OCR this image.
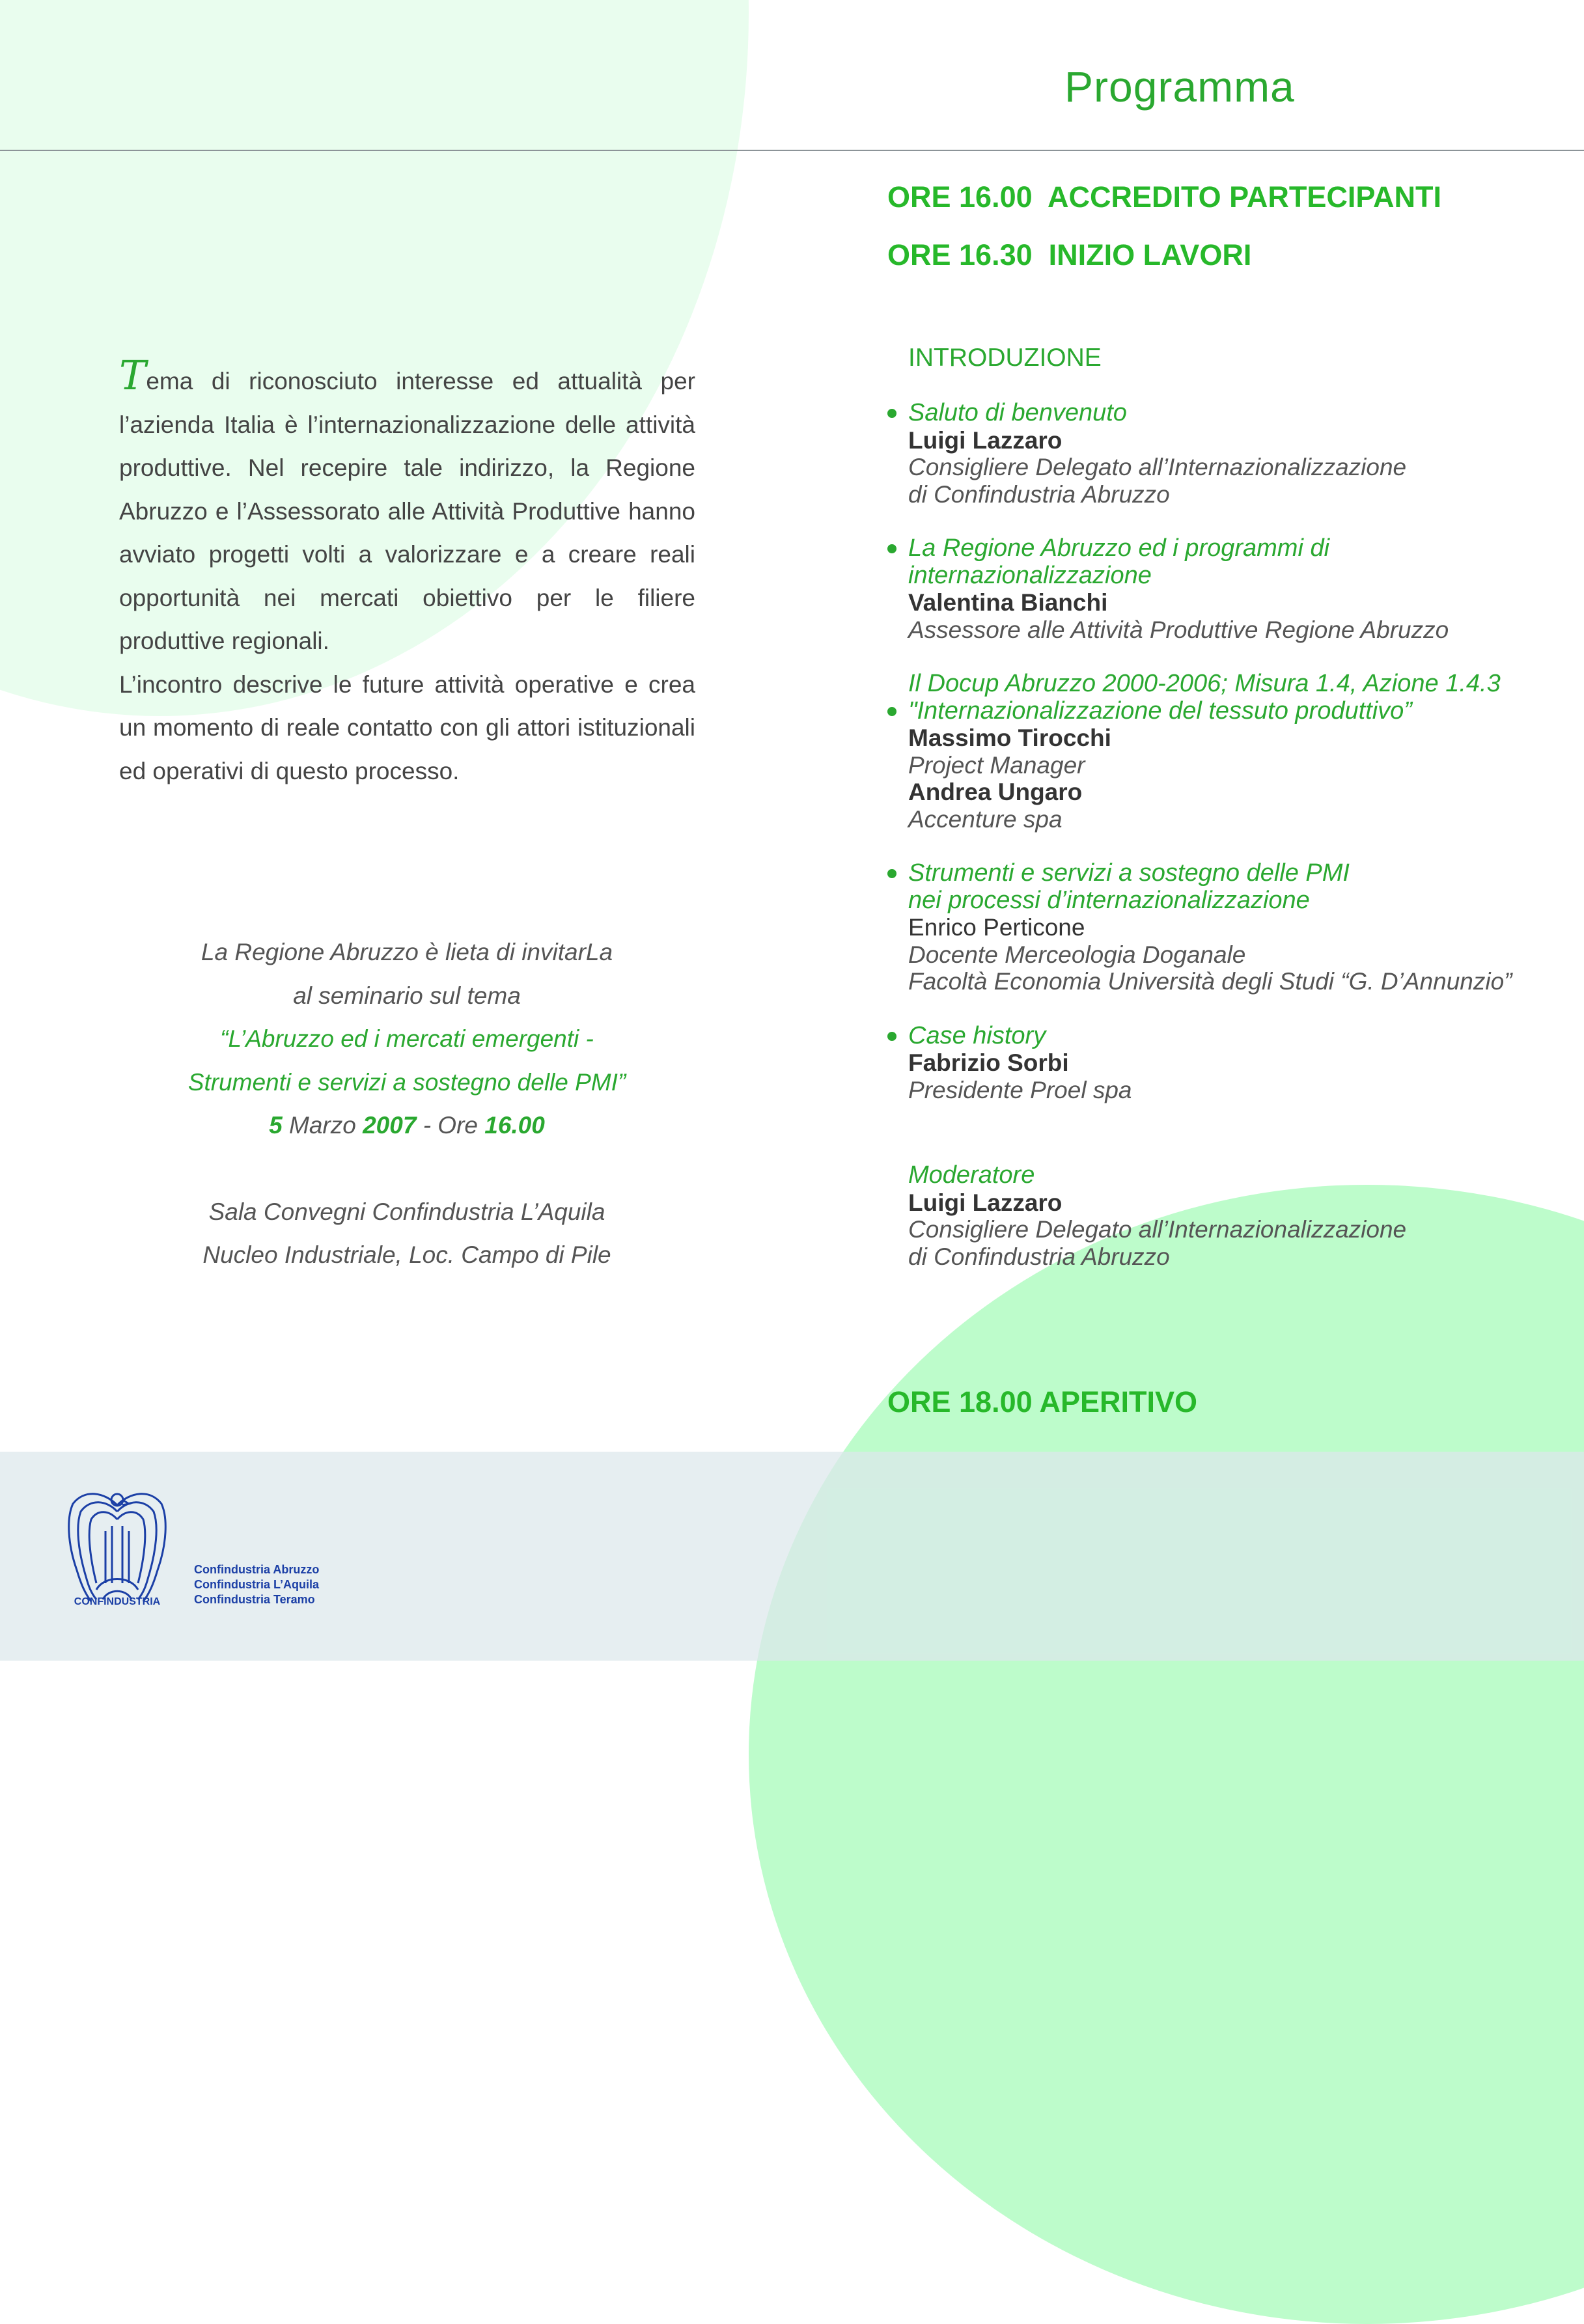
Programma
ORE 16.00 ACCREDITO PARTECIPANTI
ORE 16.30 INIZIO LAVORI

Tema di riconosciuto interesse ed attualità per l’azienda Italia è l’internazionalizzazione delle attività produttive. Nel recepire tale indirizzo, la Regione Abruzzo e l’Assessorato alle Attività Produttive hanno avviato progetti volti a valorizzare e a creare reali opportunità nei mercati obiettivo per le filiere produttive regionali.

L’incontro descrive le future attività operative e crea un momento di reale contatto con gli attori istituzionali ed operativi di questo processo.

La Regione Abruzzo è lieta di invitarLa
al seminario sul tema
“L’Abruzzo ed i mercati emergenti -
Strumenti e servizi a sostegno delle PMI”
5 Marzo 2007 - Ore 16.00
Sala Convegni Confindustria L’Aquila
Nucleo Industriale, Loc. Campo di Pile
INTRODUZIONE
Saluto di benvenuto
Luigi Lazzaro
Consigliere Delegato all’Internazionalizzazione
di Confindustria Abruzzo
La Regione Abruzzo ed i programmi di
internazionalizzazione
Valentina Bianchi
Assessore alle Attività Produttive Regione Abruzzo
Il Docup Abruzzo 2000-2006; Misura 1.4, Azione 1.4.3
"Internazionalizzazione del tessuto produttivo”
Massimo Tirocchi
Project Manager
Andrea Ungaro
Accenture spa
Strumenti e servizi a sostegno delle PMI
nei processi d’internazionalizzazione
Enrico Perticone
Docente Merceologia Doganale
Facoltà Economia Università degli Studi “G. D’Annunzio”
Case history
Fabrizio Sorbi
Presidente Proel spa
Moderatore
Luigi Lazzaro
Consigliere Delegato all’Internazionalizzazione
di Confindustria Abruzzo
ORE 18.00 APERITIVO
CONFINDUSTRIA
Confindustria Abruzzo
Confindustria L’Aquila
Confindustria Teramo
